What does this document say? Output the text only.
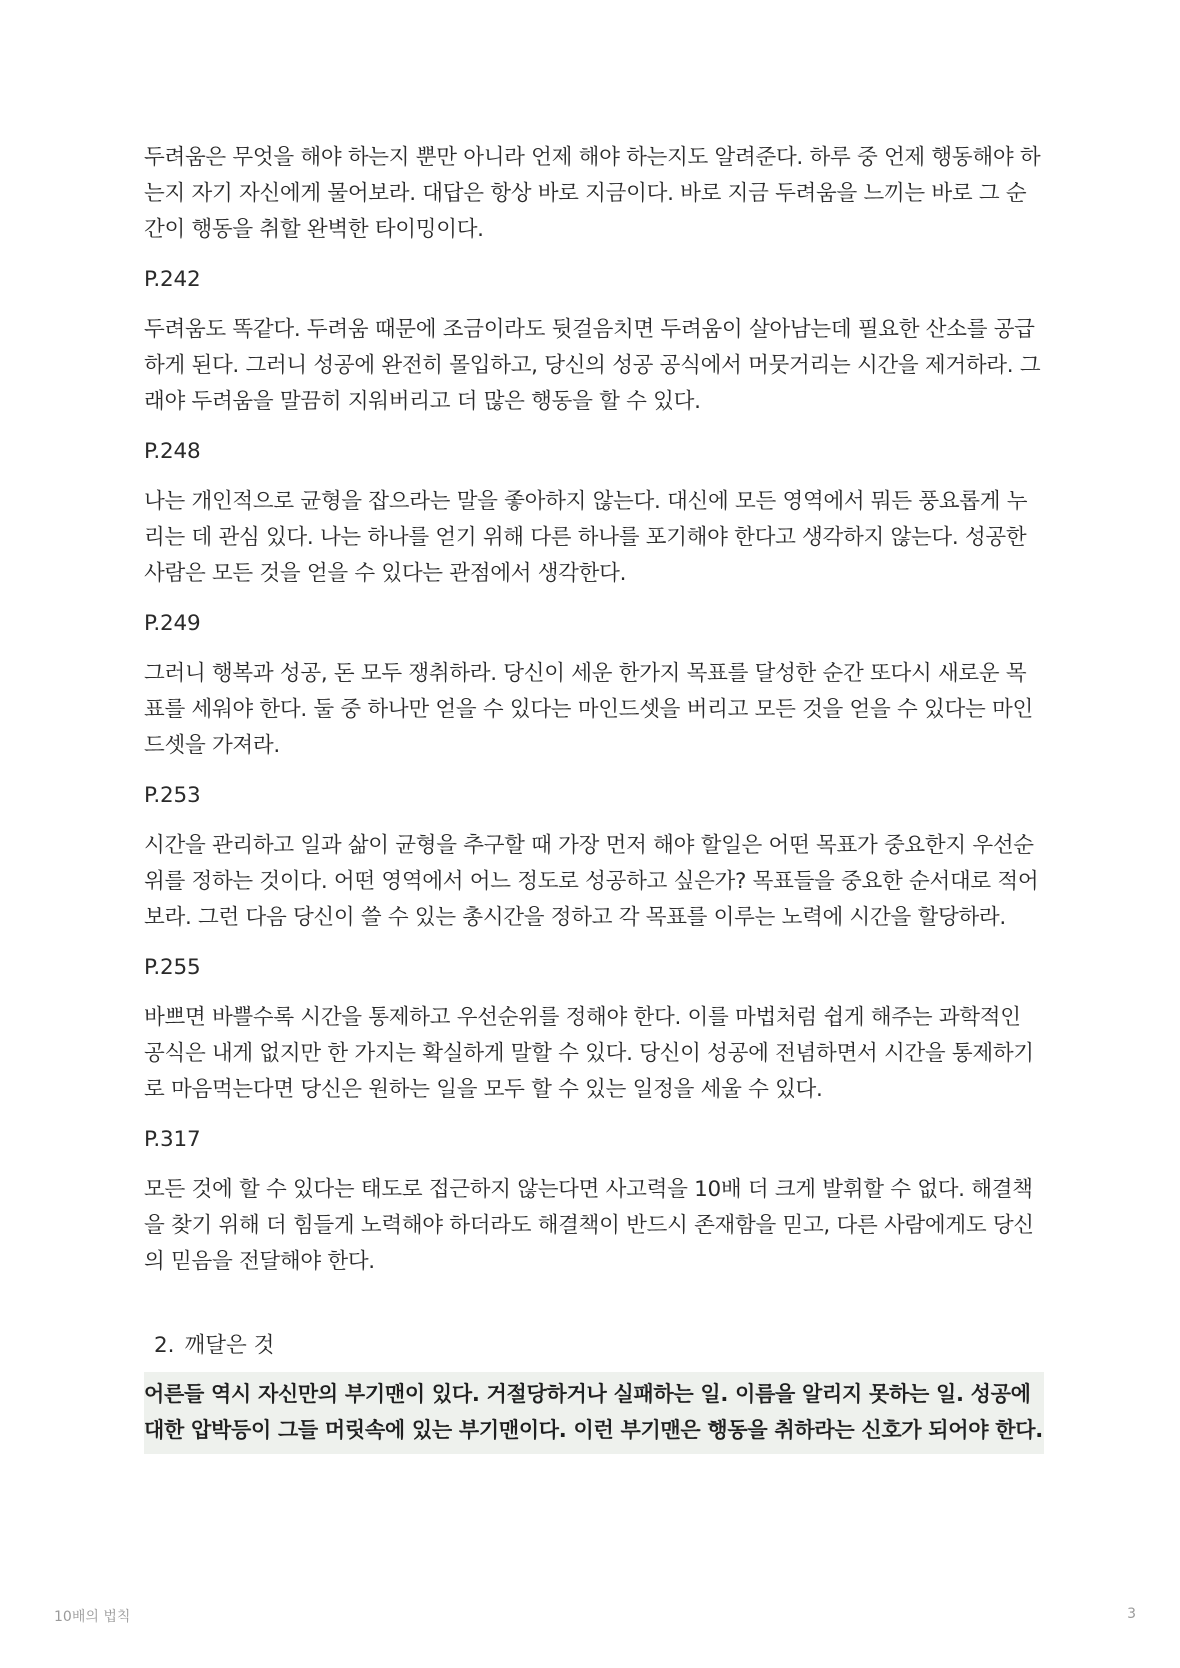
두려움은 무엇을 해야 하는지 뿐만 아니라 언제 해야 하는지도 알려준다. 하루 중 언제 행동해야 하는지 자기 자신에게 물어보라. 대답은 항상 바로 지금이다. 바로 지금 두려움을 느끼는 바로 그 순간이 행동을 취할 완벽한 타이밍이다.

P.242

두려움도 똑같다. 두려움 때문에 조금이라도 뒷걸음치면 두려움이 살아남는데 필요한 산소를 공급하게 된다. 그러니 성공에 완전히 몰입하고, 당신의 성공 공식에서 머뭇거리는 시간을 제거하라. 그래야 두려움을 말끔히 지워버리고 더 많은 행동을 할 수 있다.

P.248

나는 개인적으로 균형을 잡으라는 말을 좋아하지 않는다. 대신에 모든 영역에서 뭐든 풍요롭게 누리는 데 관심 있다. 나는 하나를 얻기 위해 다른 하나를 포기해야 한다고 생각하지 않는다. 성공한 사람은 모든 것을 얻을 수 있다는 관점에서 생각한다.

P.249

그러니 행복과 성공, 돈 모두 쟁취하라. 당신이 세운 한가지 목표를 달성한 순간 또다시 새로운 목표를 세워야 한다. 둘 중 하나만 얻을 수 있다는 마인드셋을 버리고 모든 것을 얻을 수 있다는 마인드셋을 가져라.

P.253

시간을 관리하고 일과 삶이 균형을 추구할 때 가장 먼저 해야 할일은 어떤 목표가 중요한지 우선순위를 정하는 것이다. 어떤 영역에서 어느 정도로 성공하고 싶은가? 목표들을 중요한 순서대로 적어보라. 그런 다음 당신이 쓸 수 있는 총시간을 정하고 각 목표를 이루는 노력에 시간을 할당하라.

P.255

바쁘면 바쁠수록 시간을 통제하고 우선순위를 정해야 한다. 이를 마법처럼 쉽게 해주는 과학적인 공식은 내게 없지만 한 가지는 확실하게 말할 수 있다. 당신이 성공에 전념하면서 시간을 통제하기로 마음먹는다면 당신은 원하는 일을 모두 할 수 있는 일정을 세울 수 있다.

P.317

모든 것에 할 수 있다는 태도로 접근하지 않는다면 사고력을 10배 더 크게 발휘할 수 없다. 해결책을 찾기 위해 더 힘들게 노력해야 하더라도 해결책이 반드시 존재함을 믿고, 다른 사람에게도 당신의 믿음을 전달해야 한다.

2. 깨달은 것
어른들 역시 자신만의 부기맨이 있다. 거절당하거나 실패하는 일. 이름을 알리지 못하는 일. 성공에 대한 압박등이 그들 머릿속에 있는 부기맨이다. 이런 부기맨은 행동을 취하라는 신호가 되어야 한다.
10배의 법칙	3
